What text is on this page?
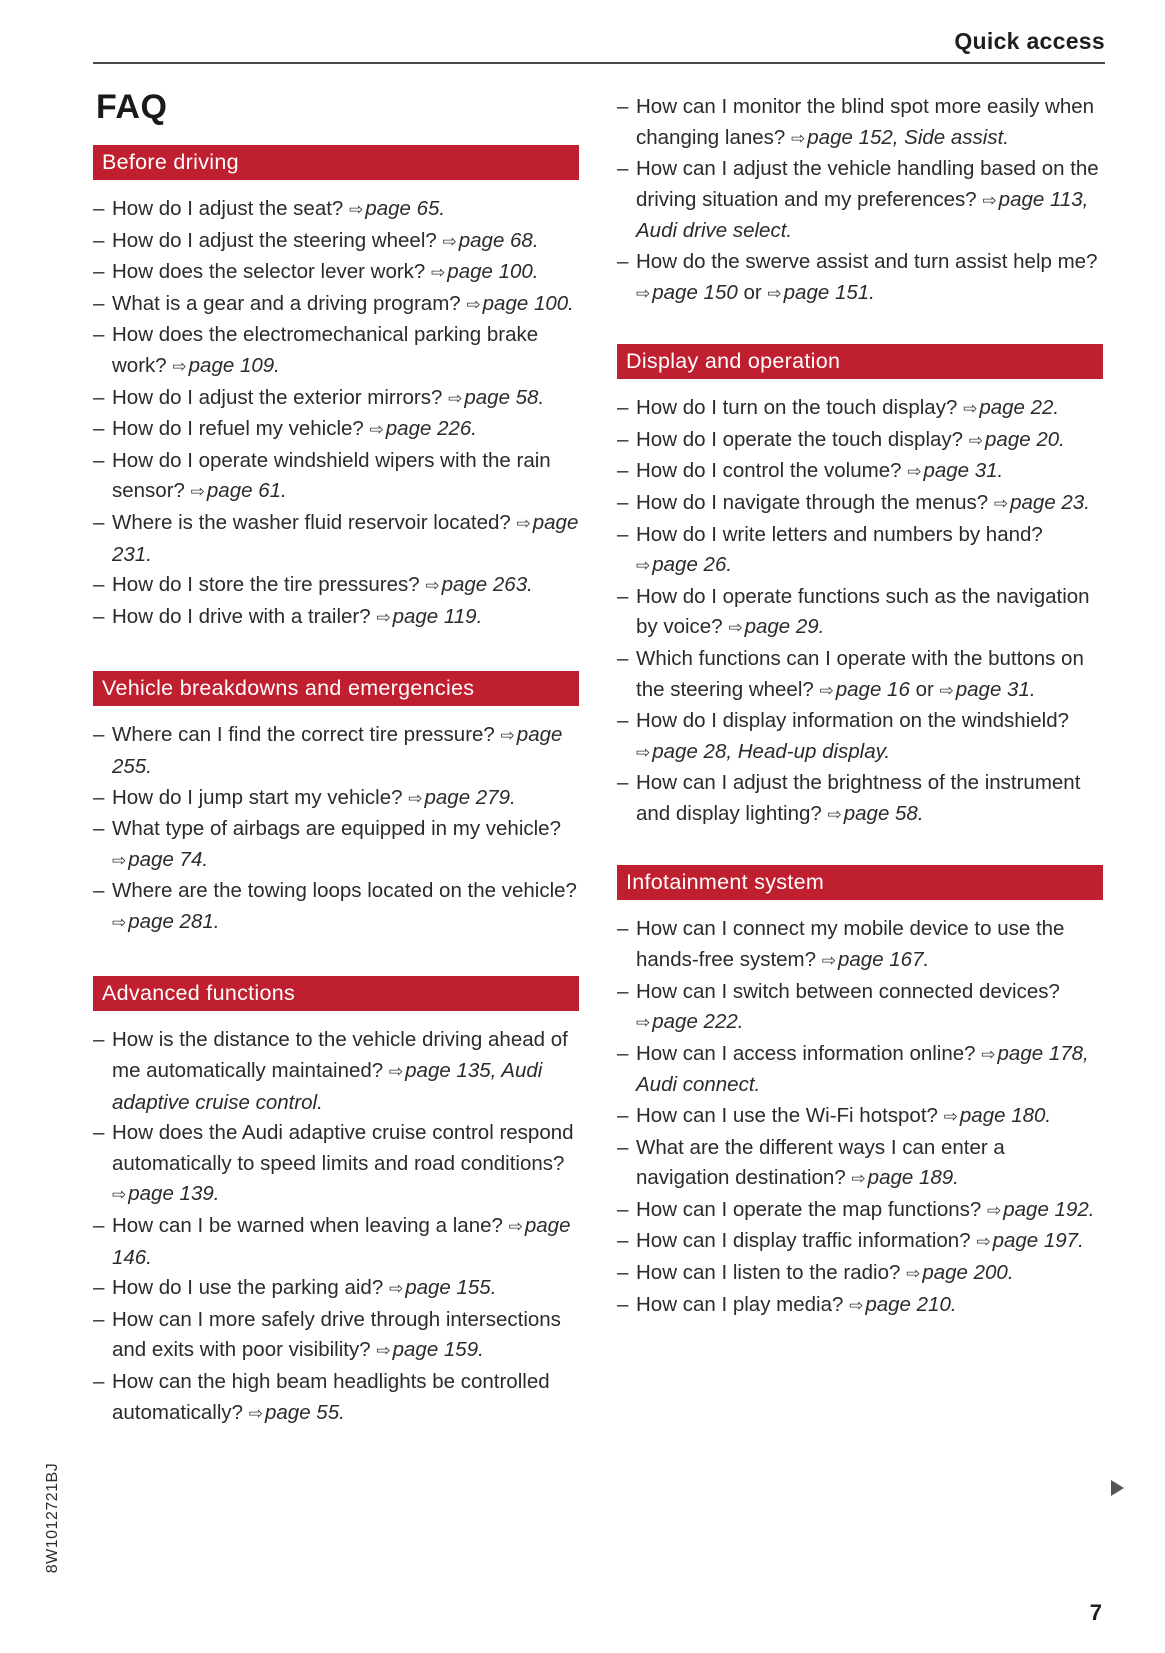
Quick access
FAQ
Before driving
– How do I adjust the seat? ⇨page 65.
– How do I adjust the steering wheel? ⇨page 68.
– How does the selector lever work? ⇨page 100.
– What is a gear and a driving program? ⇨page 100.
– How does the electromechanical parking brake work? ⇨page 109.
– How do I adjust the exterior mirrors? ⇨page 58.
– How do I refuel my vehicle? ⇨page 226.
– How do I operate windshield wipers with the rain sensor? ⇨page 61.
– Where is the washer fluid reservoir located? ⇨page 231.
– How do I store the tire pressures? ⇨page 263.
– How do I drive with a trailer? ⇨page 119.
Vehicle breakdowns and emergencies
– Where can I find the correct tire pressure? ⇨page 255.
– How do I jump start my vehicle? ⇨page 279.
– What type of airbags are equipped in my vehicle? ⇨page 74.
– Where are the towing loops located on the vehicle? ⇨page 281.
Advanced functions
– How is the distance to the vehicle driving ahead of me automatically maintained? ⇨page 135, Audi adaptive cruise control.
– How does the Audi adaptive cruise control respond automatically to speed limits and road conditions? ⇨page 139.
– How can I be warned when leaving a lane? ⇨page 146.
– How do I use the parking aid? ⇨page 155.
– How can I more safely drive through intersections and exits with poor visibility? ⇨page 159.
– How can the high beam headlights be controlled automatically? ⇨page 55.
– How can I monitor the blind spot more easily when changing lanes? ⇨page 152, Side assist.
– How can I adjust the vehicle handling based on the driving situation and my preferences? ⇨page 113, Audi drive select.
– How do the swerve assist and turn assist help me? ⇨page 150 or ⇨page 151.
Display and operation
– How do I turn on the touch display? ⇨page 22.
– How do I operate the touch display? ⇨page 20.
– How do I control the volume? ⇨page 31.
– How do I navigate through the menus? ⇨page 23.
– How do I write letters and numbers by hand? ⇨page 26.
– How do I operate functions such as the navigation by voice? ⇨page 29.
– Which functions can I operate with the buttons on the steering wheel? ⇨page 16 or ⇨page 31.
– How do I display information on the windshield? ⇨page 28, Head-up display.
– How can I adjust the brightness of the instrument and display lighting? ⇨page 58.
Infotainment system
– How can I connect my mobile device to use the hands-free system? ⇨page 167.
– How can I switch between connected devices? ⇨page 222.
– How can I access information online? ⇨page 178, Audi connect.
– How can I use the Wi-Fi hotspot? ⇨page 180.
– What are the different ways I can enter a navigation destination? ⇨page 189.
– How can I operate the map functions? ⇨page 192.
– How can I display traffic information? ⇨page 197.
– How can I listen to the radio? ⇨page 200.
– How can I play media? ⇨page 210.
8W1012721BJ
7
